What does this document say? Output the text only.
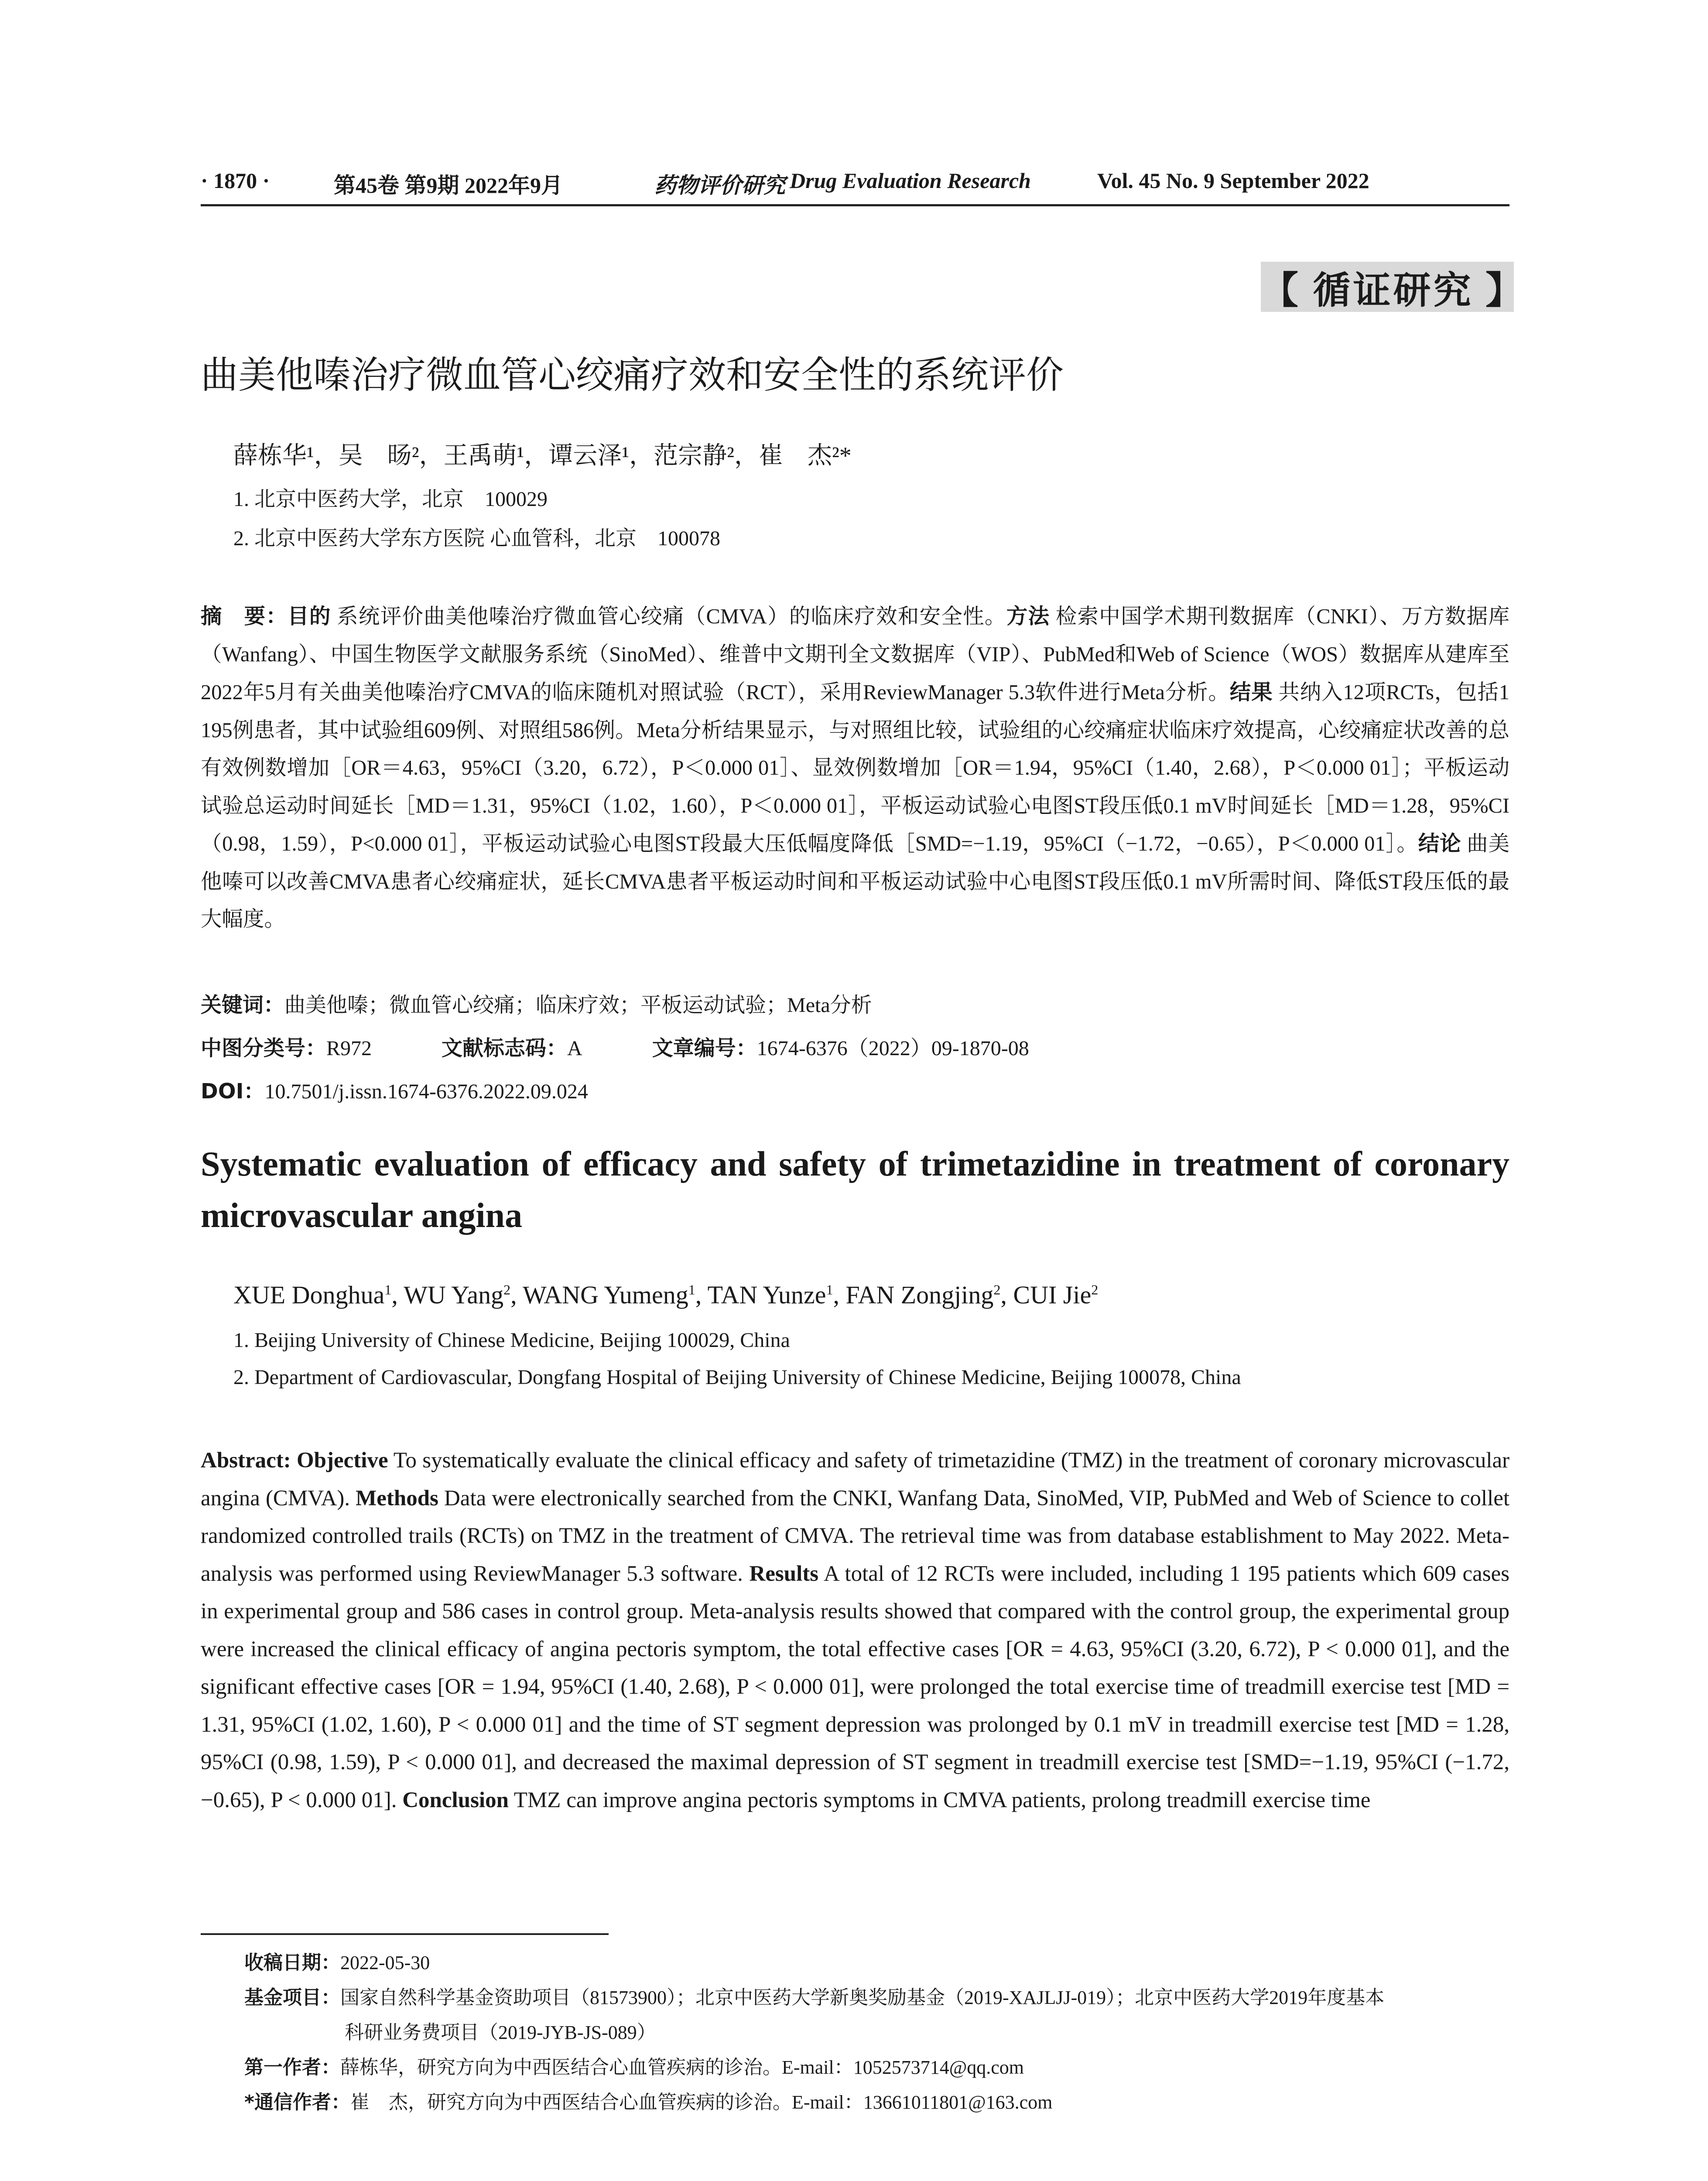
· 1870 ·	第45卷 第9期 2022年9月	药物评价研究 Drug Evaluation Research	Vol. 45 No. 9 September 2022
【 循证研究 】
曲美他嗪治疗微血管心绞痛疗效和安全性的系统评价
薛栋华¹，吴　旸²，王禹萌¹，谭云泽¹，范宗静²，崔　杰²*
1. 北京中医药大学，北京　100029
2. 北京中医药大学东方医院 心血管科，北京　100078
摘　要：目的 系统评价曲美他嗪治疗微血管心绞痛（CMVA）的临床疗效和安全性。方法 检索中国学术期刊数据库（CNKI）、万方数据库（Wanfang）、中国生物医学文献服务系统（SinoMed）、维普中文期刊全文数据库（VIP）、PubMed和Web of Science（WOS）数据库从建库至2022年5月有关曲美他嗪治疗CMVA的临床随机对照试验（RCT），采用ReviewManager 5.3软件进行Meta分析。结果 共纳入12项RCTs，包括1 195例患者，其中试验组609例、对照组586例。Meta分析结果显示，与对照组比较，试验组的心绞痛症状临床疗效提高，心绞痛症状改善的总有效例数增加［OR＝4.63，95%CI（3.20，6.72），P＜0.000 01］、显效例数增加［OR＝1.94，95%CI（1.40，2.68），P＜0.000 01］；平板运动试验总运动时间延长［MD＝1.31，95%CI（1.02，1.60），P＜0.000 01］，平板运动试验心电图ST段压低0.1 mV时间延长［MD＝1.28，95%CI（0.98，1.59），P<0.000 01］，平板运动试验心电图ST段最大压低幅度降低［SMD=−1.19，95%CI（−1.72，−0.65），P＜0.000 01］。结论 曲美他嗪可以改善CMVA患者心绞痛症状，延长CMVA患者平板运动时间和平板运动试验中心电图ST段压低0.1 mV所需时间、降低ST段压低的最大幅度。
关键词：曲美他嗪；微血管心绞痛；临床疗效；平板运动试验；Meta分析
中图分类号：R972	文献标志码：A	文章编号：1674-6376（2022）09-1870-08
DOI：10.7501/j.issn.1674-6376.2022.09.024
Systematic evaluation of efficacy and safety of trimetazidine in treatment of coronary microvascular angina
XUE Donghua$^1$, WU Yang$^2$, WANG Yumeng$^1$, TAN Yunze$^1$, FAN Zongjing$^2$, CUI Jie$^2$
1. Beijing University of Chinese Medicine, Beijing 100029, China
2. Department of Cardiovascular, Dongfang Hospital of Beijing University of Chinese Medicine, Beijing 100078, China
Abstract: Objective To systematically evaluate the clinical efficacy and safety of trimetazidine (TMZ) in the treatment of coronary microvascular angina (CMVA). Methods Data were electronically searched from the CNKI, Wanfang Data, SinoMed, VIP, PubMed and Web of Science to collet randomized controlled trails (RCTs) on TMZ in the treatment of CMVA. The retrieval time was from database establishment to May 2022. Meta-analysis was performed using ReviewManager 5.3 software. Results A total of 12 RCTs were included, including 1 195 patients which 609 cases in experimental group and 586 cases in control group. Meta-analysis results showed that compared with the control group, the experimental group were increased the clinical efficacy of angina pectoris symptom, the total effective cases [OR = 4.63, 95%CI (3.20, 6.72), P < 0.000 01], and the significant effective cases [OR = 1.94, 95%CI (1.40, 2.68), P < 0.000 01], were prolonged the total exercise time of treadmill exercise test [MD = 1.31, 95%CI (1.02, 1.60), P < 0.000 01] and the time of ST segment depression was prolonged by 0.1 mV in treadmill exercise test [MD = 1.28, 95%CI (0.98, 1.59), P < 0.000 01], and decreased the maximal depression of ST segment in treadmill exercise test [SMD=−1.19, 95%CI (−1.72, −0.65), P < 0.000 01]. Conclusion TMZ can improve angina pectoris symptoms in CMVA patients, prolong treadmill exercise time
收稿日期：2022-05-30
基金项目：国家自然科学基金资助项目（81573900）；北京中医药大学新奥奖励基金（2019-XAJLJJ-019）；北京中医药大学2019年度基本
科研业务费项目（2019-JYB-JS-089）
第一作者：薛栋华，研究方向为中西医结合心血管疾病的诊治。E-mail：1052573714@qq.com
*通信作者：崔　杰，研究方向为中西医结合心血管疾病的诊治。E-mail：13661011801@163.com
